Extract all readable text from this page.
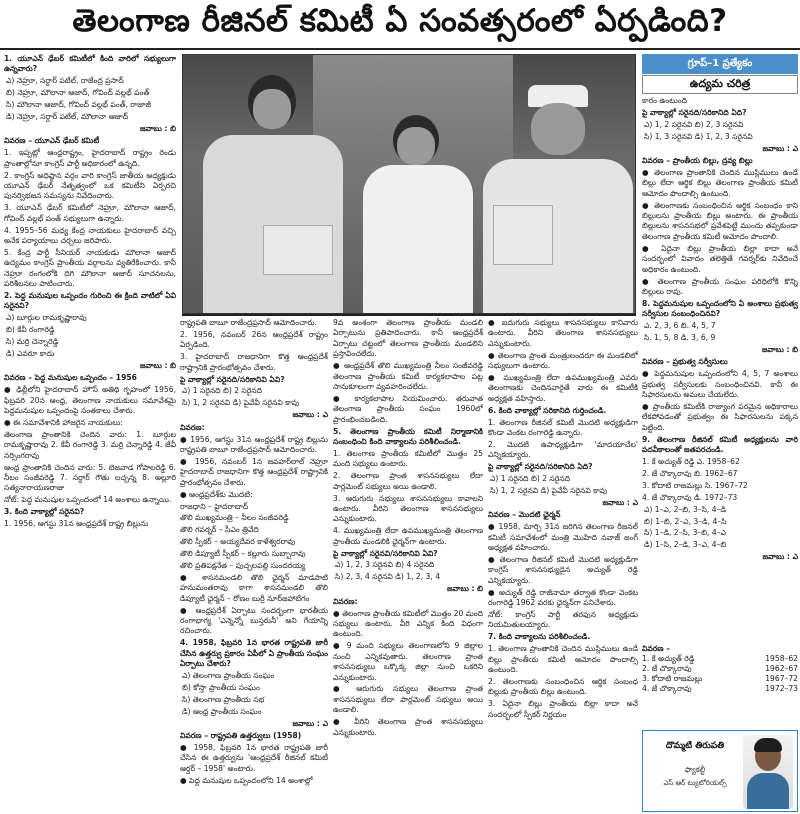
తెలంగాణ రీజినల్ కమిటీ ఏ సంవత్సరంలో ఏర్పడింది?

1. యూఎన్ ఢేబర్ కమిటీలో కింది వారిలో సభ్యులుగా ఉన్నవారు?

ఎ) నెహ్రూ, సర్దార్ పటేల్, రాజేంద్ర ప్రసాద్

బి) నెహ్రూ, మౌలానా ఆజాద్, గోవింద్ వల్లభ్ పంత్

సి) మౌలానా ఆజాద్, గోవింద్ వల్లభ్ పంత్, రాజాజీ

డి) నెహ్రూ, సర్దార్ పటేల్, మౌలానా ఆజాద్

జవాబు : బి

వివరణ – యూఎన్ ఢేబర్ కమిటీ

1. ఇప్పట్లో ఆంధ్రరాష్ట్రం, హైదరాబాద్ రాష్ట్రం రెండు ప్రాంతాల్లోనూ కాంగ్రెస్ పార్టీ అధికారంలో ఉన్నది.

2. కాంగ్రెస్ అధిష్ఠాన వర్గం వారి కాంగ్రెస్ జాతీయ అధ్యక్షుడు యూఎన్ ఢేబర్ నేతృత్వంలో ఒక కమిటీని ఏర్పరచి పునర్విభజన సమస్యను నివేదించారు.

3. యూఎన్ ఢేబర్ కమిటీలో నెహ్రూ, మౌలానా ఆజాద్, గోవింద్ వల్లభ్ పంత్ సభ్యులుగా ఉన్నారు.

4. 1955–56 మధ్య కేంద్ర నాయకులు హైదరాబాద్ వచ్చి అనేక పర్యాయాలు చర్చలు జరిపారు.

5. కేంద్ర పార్టీ సీనియర్ నాయకుడు మౌలానా ఆజాద్ ఉద్యమం కాంగ్రెస్ ప్రాంతీయ వర్గాలను వ్యతిరేకించారు. కానీ నెహ్రూ రంగంలోకి దిగి మౌలానా ఆజాద్ సూచనలను, పరిశీలనలు పాటించారు.

2. పెద్ద మనుషుల ఒప్పందం గురించి ఈ క్రింది వాటిలో ఏవి సరైనవి?

ఎ) బూర్గుల రామకృష్ణారావు

బి) కేవీ రంగారెడ్డి

సి) మర్రి చెన్నారెడ్డి

డి) ఎవరూ కాదు

జవాబు : బి

వివరణ – పెద్ద మనుషుల ఒప్పందం – 1956

● ఢిల్లీలోని హైదరాబాద్ హౌస్ అతిథి గృహంలో 1956, ఫిబ్రవరి 20న ఆంధ్ర, తెలంగాణ నాయకులు సమావేశమై పెద్దమనుషుల ఒప్పందంపై సంతకాలు చేశారు.

● ఈ సమావేశానికి హాజరైన నాయకులు:

తెలంగాణ ప్రాంతానికి చెందిన వారు: 1. బూర్గుల రామకృష్ణారావు 2. కేవీ రంగారెడ్డి 3. మర్రి చెన్నారెడ్డి 4. జేవీ నర్సింగరావు

ఆంధ్ర ప్రాంతానికి చెందిన వారు: 5. బెజవాడ గోపాలరెడ్డి 6. నీలం సంజీవరెడ్డి 7. సర్దార్ గౌతు లచ్చన్న 8. అల్లూరి సత్యనారాయణరాజు

నోట్: పెద్ద మనుషుల ఒప్పందంలో 14 అంశాలు ఉన్నాయి.

3. కింది వాక్యాల్లో సరైనవి?

1. 1956, ఆగస్టు 31న ఆంధ్రప్రదేశ్ రాష్ట్ర బిల్లును

గ్రూప్–1 ప్రత్యేకం
ఉద్యమ చరిత్ర

రాష్ట్రపతి బాబూ రాజేంద్రప్రసాద్ ఆమోదించారు.

2. 1956, నవంబర్ 26న ఆంధ్రప్రదేశ్ రాష్ట్రం ఏర్పడింది.

3. హైదరాబాద్ రాజధానిగా కొత్త ఆంధ్రప్రదేశ్ రాష్ట్రానికి ప్రారంభోత్సవం చేశారు.

పై వాక్యాల్లో సరైనది/సరికానివి ఏవి?

ఎ) 1 సరైనది బి) 2 సరైనది

సి) 1, 2 సరైనవి డి) పైవేవీ సరైనవి కావు

జవాబు : ఎ

వివరణ:

● 1956, ఆగస్టు 31న ఆంధ్రప్రదేశ్ రాష్ట్ర బిల్లును రాష్ట్రపతి బాబూ రాజేంద్రప్రసాద్ ఆమోదించారు.

● 1956, నవంబర్ 1న జవహర్‌లాల్ నెహ్రూ హైదరాబాద్ రాజధానిగా కొత్త ఆంధ్రప్రదేశ్ రాష్ట్రానికి ప్రారంభోత్సవం చేశారు.

● ఆంధ్రప్రదేశ్‌కు మొదటి:

రాజధాని – హైదరాబాద్

తొలి ముఖ్యమంత్రి – నీలం సంజీవరెడ్డి

తొలి గవర్నర్ – సీఎం త్రివేది

తొలి స్పీకర్ – అయ్యదేవర కాళేశ్వరరావు

తొలి డిప్యూటీ స్పీకర్ – కల్లూరు సుబ్బారావు

తొలి ప్రతిపక్షనేత – పుచ్చలపల్లి సుందరయ్య

● శాసనమండలి తొలి ఛైర్మన్ మాడపాటి హనుమంతరావు కాగా శాసనమండలి తొలి డిప్యూటీ ఛైర్మన్ – రోణం బుర్రీ నూర్‌జహాబేగం

● ఆంధ్రప్రదేశ్ ఏర్పాటు సందర్భంగా భారతీయ రంగాభాగ్య 'ఎన్నెన్నో బుస్తరునీ' అని గేయాన్ని రచించారు.

4. 1958, ఫిబ్రవరి 1న భారత రాష్ట్రపతి జారీ చేసిన ఉత్తర్వు ప్రకారం ఏపీలో ఏ ప్రాంతీయ సంఘం ఏర్పాటు చేశారు?

ఎ) తెలంగాణ ప్రాంతీయ సంఘం

బి) కోస్తా ప్రాంతీయ సంఘం

సి) తెలంగాణ ప్రాంతీయ సభ

డి) ఆంధ్ర ప్రాంతీయ సంఘం

జవాబు : ఎ

వివరణ – రాష్ట్రపతి ఉత్తర్వులు (1958)

● 1958, ఫిబ్రవరి 1న భారత రాష్ట్రపతి జారీ చేసిన ఈ ఉత్తర్వును 'ఆంధ్రప్రదేశ్ రీజినల్ కమిటీ ఆర్డర్ – 1958' అంటారు.

● పెద్ద మనుషుల ఒప్పందంలోని 14 అంశాల్లో

9వ అంశంగా తెలంగాణ ప్రాంతీయ మండలి ఏర్పాటును ప్రతిపాదించారు. కానీ ఆంధ్రప్రదేశ్ ఏర్పాటు చట్టంలో తెలంగాణ ప్రాంతీయ మండలిని ప్రస్తావించలేదు.

● ఆంధ్రప్రదేశ్ తొలి ముఖ్యమంత్రి నీలం సంజీవరెడ్డి తెలంగాణ ప్రాంతీయ కమిటీ కార్యకలాపాల పట్ల సానుకూలంగా వ్యవహరించలేదు.

● కార్యకలాపాల నియమించారు. తరువాత తెలంగాణ ప్రాంతీయ సంఘం 1960లో ప్రారంభించబడింది.

5. తెలంగాణ ప్రాంతీయ కమిటీ నిర్మాణానికి సంబంధించి కింది వాక్యాలను పరిశీలించండి.

1. తెలంగాణ ప్రాంతీయ కమిటీలో మొత్తం 25 మంది సభ్యులు ఉంటారు.

2. తెలంగాణ ప్రాంత శాసనసభ్యులు లేదా పార్లమెంట్ సభ్యులు అయి ఉండాలి.

3. ఆరుగురు సభ్యులు శాసనసభ్యులు కావాలని ఉంటారు. వీరిని తెలంగాణ శాసనసభ్యులు ఎన్నుకుంటారు.

4. ముఖ్యమంత్రి లేదా ఉపముఖ్యమంత్రి తెలంగాణ ప్రాంతీయ మండలికి ఛైర్మన్‌గా ఉంటారు.

పై వాక్యాల్లో సరైనవి/సరికానివి ఏవి?

ఎ) 1, 2, 3 సరైనవి బి) 4 సరైనది

సి) 2, 3, 4 సరైనవి డి) 1, 2, 3, 4

జవాబు : బి

వివరణ:

● తెలంగాణ ప్రాంతీయ కమిటీలో మొత్తం 20 మంది సభ్యులు ఉంటారు. వీరి ఎన్నిక కింది విధంగా ఉంటుంది.

● 9 మంది సభ్యులు తెలంగాణలోని 9 జిల్లాల నుంచి ఎన్నికవుతారు. తెలంగాణ ప్రాంత శాసనసభ్యులు ఒక్కొక్క జిల్లా నుంచి ఒకరిని ఎన్నుకుంటారు.

● ఆరుగురు సభ్యులు తెలంగాణ ప్రాంత శాసనసభ్యులు లేదా పార్లమెంట్ సభ్యులు అయి ఉండాలి.

● వీరిని తెలంగాణ ప్రాంత శాసనసభ్యులు ఎన్నుకుంటారు.

● ఐదుగురు సభ్యులు శాసనసభ్యులు కానివారు ఉంటారు. వీరిని తెలంగాణ శాసనసభ్యులు ఎన్నుకుంటారు.

● తెలంగాణ ప్రాంత మంత్రులందరూ ఈ మండలిలో సభ్యులుగా ఉంటారు.

● ముఖ్యమంత్రి లేదా ఉపముఖ్యమంత్రి ఎవరు తెలంగాణకు చెందినవారైతే వారు ఈ కమిటీకి అధ్యక్షత వహిస్తారు.

6. కింది వాక్యాల్లో సరికానిది గుర్తించండి.

1. తెలంగాణ రీజినల్ కమిటీ మొదటి అధ్యక్షుడిగా కొండా వెంకట రంగారెడ్డి ఉన్నారు.

2. మొదటి ఉపాధ్యక్షుడిగా 'మాదయాచేల' ఎన్నికయ్యారు.

పై వాక్యాల్లో సరైనది/సరికానిది ఏది?

ఎ) 1 సరైనది బి) 2 సరైనది

సి) 1, 2 సరైనవి డి) పైవేవీ సరైనవి కావు

జవాబు : ఎ

వివరణ – మొదటి ఛైర్మన్

● 1958, మార్చి 31న జరిగిన తెలంగాణ రీజనల్ కమిటీ సమావేశంలో మంత్రి మొహిది నవాజ్ జంగ్ అధ్యక్షత వహించారు.

● తెలంగాణ రీజినల్ కమిటీ మొదటి అధ్యక్షుడిగా కాంగ్రెస్ శాసనసభ్యుడైన అచ్యుత్ రెడ్డి ఎన్నికయ్యారు.

● అచ్యుత్ రెడ్డి రాజీనామా తర్వాత కొండా వెంకట రంగారెడ్డి 1962 వరకు ఛైర్మన్‌గా పనిచేశారు.

నోట్: కాంగ్రెస్ పార్టీ తరఫున అధ్యక్షుడు నియమితులయ్యారు.

7. కింది వాక్యాలను పరిశీలించండి.

1. తెలంగాణ ప్రాంతానికి చెందిన ముస్లిములు ఉండే బిల్లు ప్రాంతీయ కమిటీ ఆమోదం పొందాల్సి ఉంటుంది.

2. తెలంగాణకు సంబంధించిన ఆర్థిక సంబంధ బిల్లుకు ప్రాంతీయ బిల్లు ఉంటుంది.

3. ఏదైనా బిల్లు ప్రాంతీయ బిల్లా కాదా అనే సందర్భంలో స్పీకర్ నిర్ణయం

కారం ఉంటుంది

పై వాక్యాల్లో సరైనది/సరికానిది ఏది?

ఎ) 1, 2 సరైనవి బి) 2, 3 సరైనవి

సి) 1, 3 సరైనవి డి) 1, 2, 3 సరైనవి

జవాబు : ఎ

వివరణ – ప్రాంతీయ బిల్లు, ద్రవ్య బిల్లు

● తెలంగాణ ప్రాంతానికి చెందిన ముస్లిములు ఉండే బిల్లు లేదా ఆర్థిక బిల్లు తెలంగాణ ప్రాంతీయ కమిటీ ఆమోదం పొందాల్సి ఉంటుంది.

● తెలంగాణకు సంబంధించిన ఆర్థిక సంబంధం కాని బిల్లులను ప్రాంతీయ బిల్లు అంటారు. ఈ ప్రాంతీయ బిల్లులను శాసనసభలో ప్రవేశపెట్టే ముందు తప్పకుండా తెలంగాణ ప్రాంతీయ కమిటీ ఆమోదం పొందాలి.

● ఏదైనా బిల్లు ప్రాంతీయ బిల్లా కాదా అనే సందర్భంలో వివాదం తలెత్తితే గవర్నర్‌కు నివేదించే అధికారం ఉంటుంది.

● తెలంగాణ ప్రాంతీయ సంఘం పరిధిలోకి కొన్ని బిల్లులు రావు.

8. పెద్దమనుషుల ఒప్పందంలోని ఏ అంశాలు ప్రభుత్వ సర్వీసుల సంబంధించినవి?

ఎ. 2, 3, 6 బి. 4, 5, 7

సి. 1, 5, 8 డి. 3, 6, 9

జవాబు : బి

వివరణ – ప్రభుత్వ సర్వీసులు

● పెద్దమనుషుల ఒప్పందంలోని 4, 5, 7 అంశాలు ప్రభుత్వ సర్వీసులకు సంబంధించినవి. కానీ ఈ సిఫారసులను అమలు చేయలేదు.

● ప్రాంతీయ కమిటీకి రాజ్యాంగ పరమైన అధికారాలు లేకపోవడంతో ప్రభుత్వం ఈ సిఫారసులను పక్కన పెట్టింది.

9. తెలంగాణ రీజినల్ కమిటీ అధ్యక్షులను వారి పదవీకాలంతో జతపరచండి.

1. కే అచ్యుత్ రెడ్డి ఎ. 1958–62

2. జే చొక్కారావు బి. 1962–67

3. కోదాటి రాజమల్లు సి. 1967–72

4. జే చొక్కారావు డి. 1972–73

ఎ) 1–ఎ, 2–బి, 3–సి, 4–డి

బి) 1–బి, 2–ఎ, 3–డి, 4–సి

సి) 1–డి, 2–సి, 3–బి, 4–ఎ

డి) 1–సి, 2–డి, 3–ఎ, 4–బి

జవాబు : ఎ

వివరణ –
1. కే అచ్యుత్ రెడ్డి	1958–62
2. జే చొక్కారావు	1962–67
3. కోదాటి రాజమల్లు	1967–72
4. జే చొక్కారావు	1972–73
దొమ్మటి తిరుపతి
ఫ్యాకల్టీ
ఎస్‌ ఆర్‌ ట్యుటోరియల్స్‌
